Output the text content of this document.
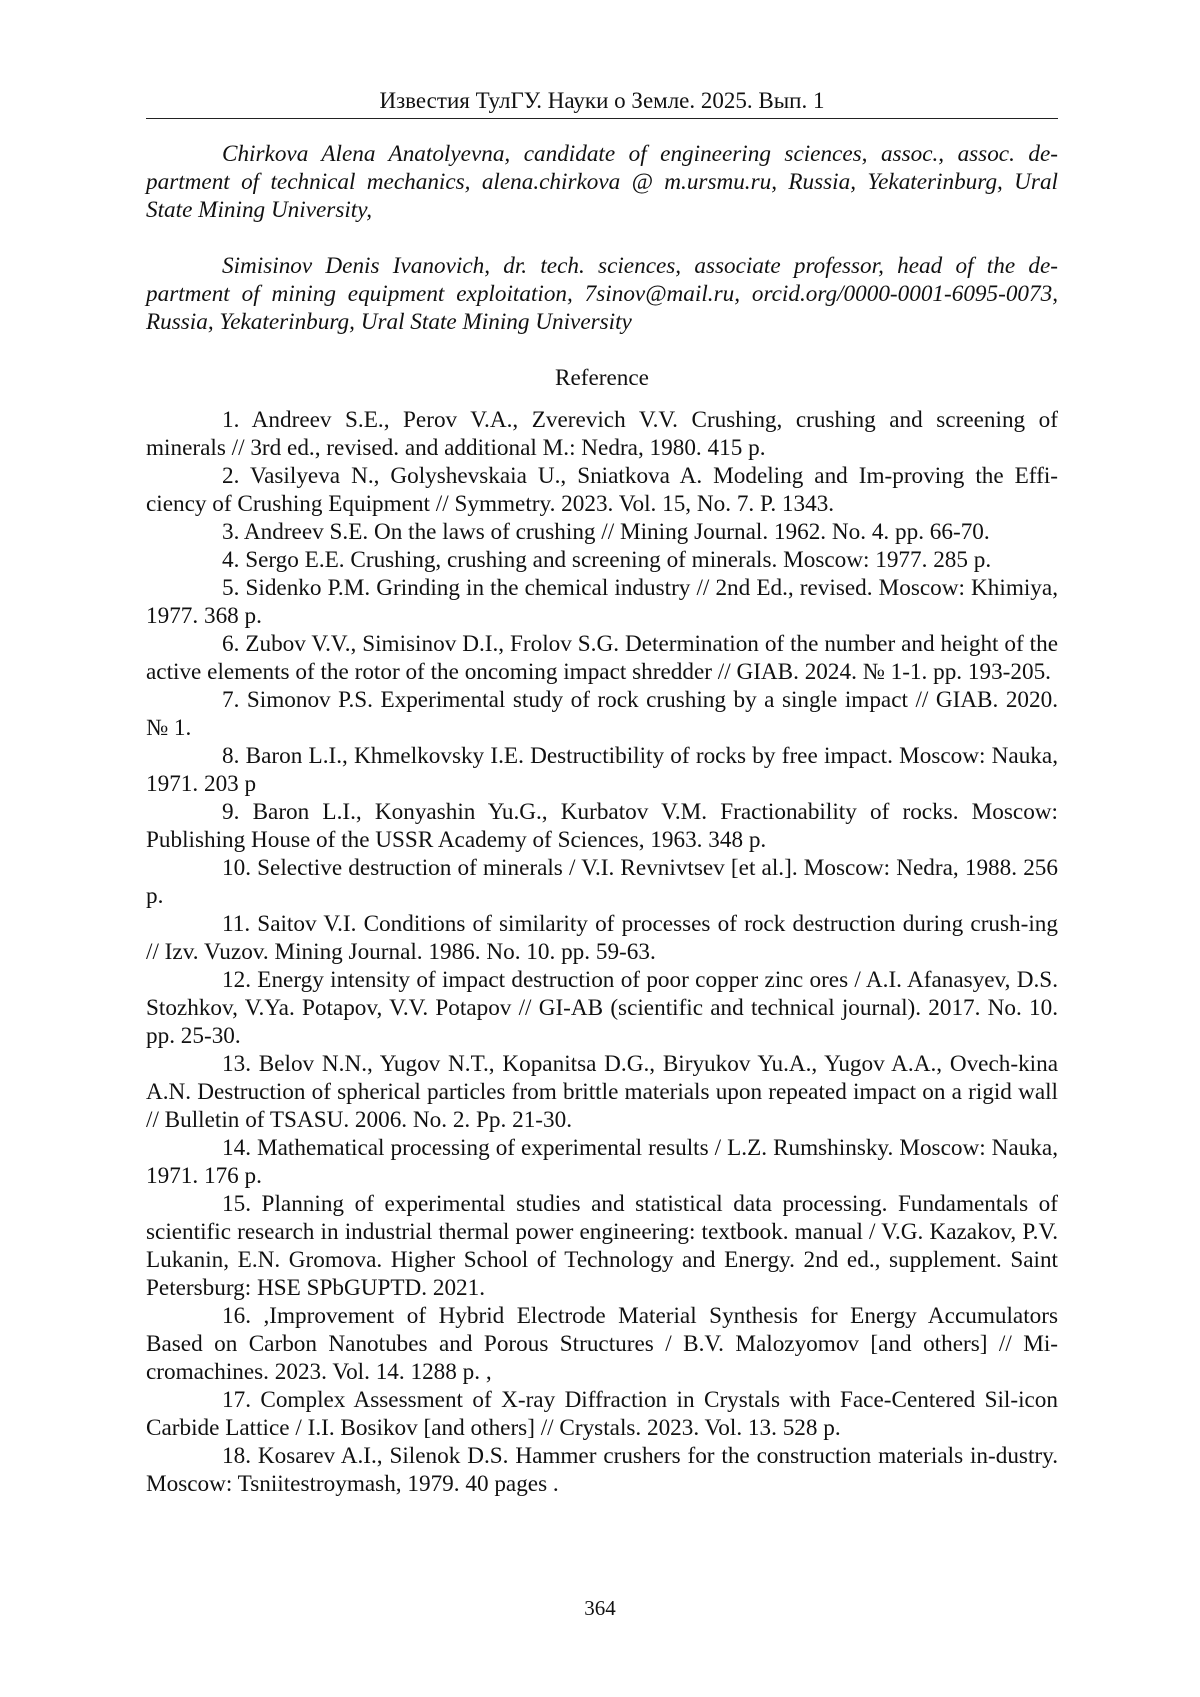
Известия ТулГУ. Науки о Земле. 2025. Вып. 1

Chirkova Alena Anatolyevna, candidate of engineering sciences, assoc., assoc. de-partment of technical mechanics, alena.chirkova @ m.ursmu.ru, Russia, Yekaterinburg, Ural State Mining University,

Simisinov Denis Ivanovich, dr. tech. sciences, associate professor, head of the de-partment of mining equipment exploitation, 7sinov@mail.ru, orcid.org/0000-0001-6095-0073, Russia, Yekaterinburg, Ural State Mining University

Reference
1. Andreev S.E., Perov V.A., Zverevich V.V. Crushing, crushing and screening of minerals // 3rd ed., revised. and additional M.: Nedra, 1980. 415 p.
2. Vasilyeva N., Golyshevskaia U., Sniatkova A. Modeling and Im-proving the Effi-ciency of Crushing Equipment // Symmetry. 2023. Vol. 15, No. 7. P. 1343.
3. Andreev S.E. On the laws of crushing // Mining Journal. 1962. No. 4. pp. 66-70.
4. Sergo E.E. Crushing, crushing and screening of minerals. Moscow: 1977. 285 p.
5. Sidenko P.M. Grinding in the chemical industry // 2nd Ed., revised. Moscow: Khimiya, 1977. 368 p.
6. Zubov V.V., Simisinov D.I., Frolov S.G. Determination of the number and height of the active elements of the rotor of the oncoming impact shredder // GIAB. 2024. № 1-1. pp. 193-205.
7. Simonov P.S. Experimental study of rock crushing by a single impact // GIAB. 2020. № 1.
8. Baron L.I., Khmelkovsky I.E. Destructibility of rocks by free impact. Moscow: Nauka, 1971. 203 p
9. Baron L.I., Konyashin Yu.G., Kurbatov V.M. Fractionability of rocks. Moscow: Publishing House of the USSR Academy of Sciences, 1963. 348 p.
10. Selective destruction of minerals / V.I. Revnivtsev [et al.]. Moscow: Nedra, 1988. 256 p.
11. Saitov V.I. Conditions of similarity of processes of rock destruction during crush-ing // Izv. Vuzov. Mining Journal. 1986. No. 10. pp. 59-63.
12. Energy intensity of impact destruction of poor copper zinc ores / A.I. Afanasyev, D.S. Stozhkov, V.Ya. Potapov, V.V. Potapov // GI-AB (scientific and technical journal). 2017. No. 10. pp. 25-30.
13. Belov N.N., Yugov N.T., Kopanitsa D.G., Biryukov Yu.A., Yugov A.A., Ovech-kina A.N. Destruction of spherical particles from brittle materials upon repeated impact on a rigid wall // Bulletin of TSASU. 2006. No. 2. Pp. 21-30.
14. Mathematical processing of experimental results / L.Z. Rumshinsky. Moscow: Nauka, 1971. 176 p.
15. Planning of experimental studies and statistical data processing. Fundamentals of scientific research in industrial thermal power engineering: textbook. manual / V.G. Kazakov, P.V. Lukanin, E.N. Gromova. Higher School of Technology and Energy. 2nd ed., supplement. Saint Petersburg: HSE SPbGUPTD. 2021.
16. ,Improvement of Hybrid Electrode Material Synthesis for Energy Accumulators Based on Carbon Nanotubes and Porous Structures / B.V. Malozyomov [and others] // Mi-cromachines. 2023. Vol. 14. 1288 p. ,
17. Complex Assessment of X-ray Diffraction in Crystals with Face-Centered Sil-icon Carbide Lattice / I.I. Bosikov [and others] // Crystals. 2023. Vol. 13. 528 p.
18. Kosarev A.I., Silenok D.S. Hammer crushers for the construction materials in-dustry. Moscow: Tsniitestroymash, 1979. 40 pages .
364
